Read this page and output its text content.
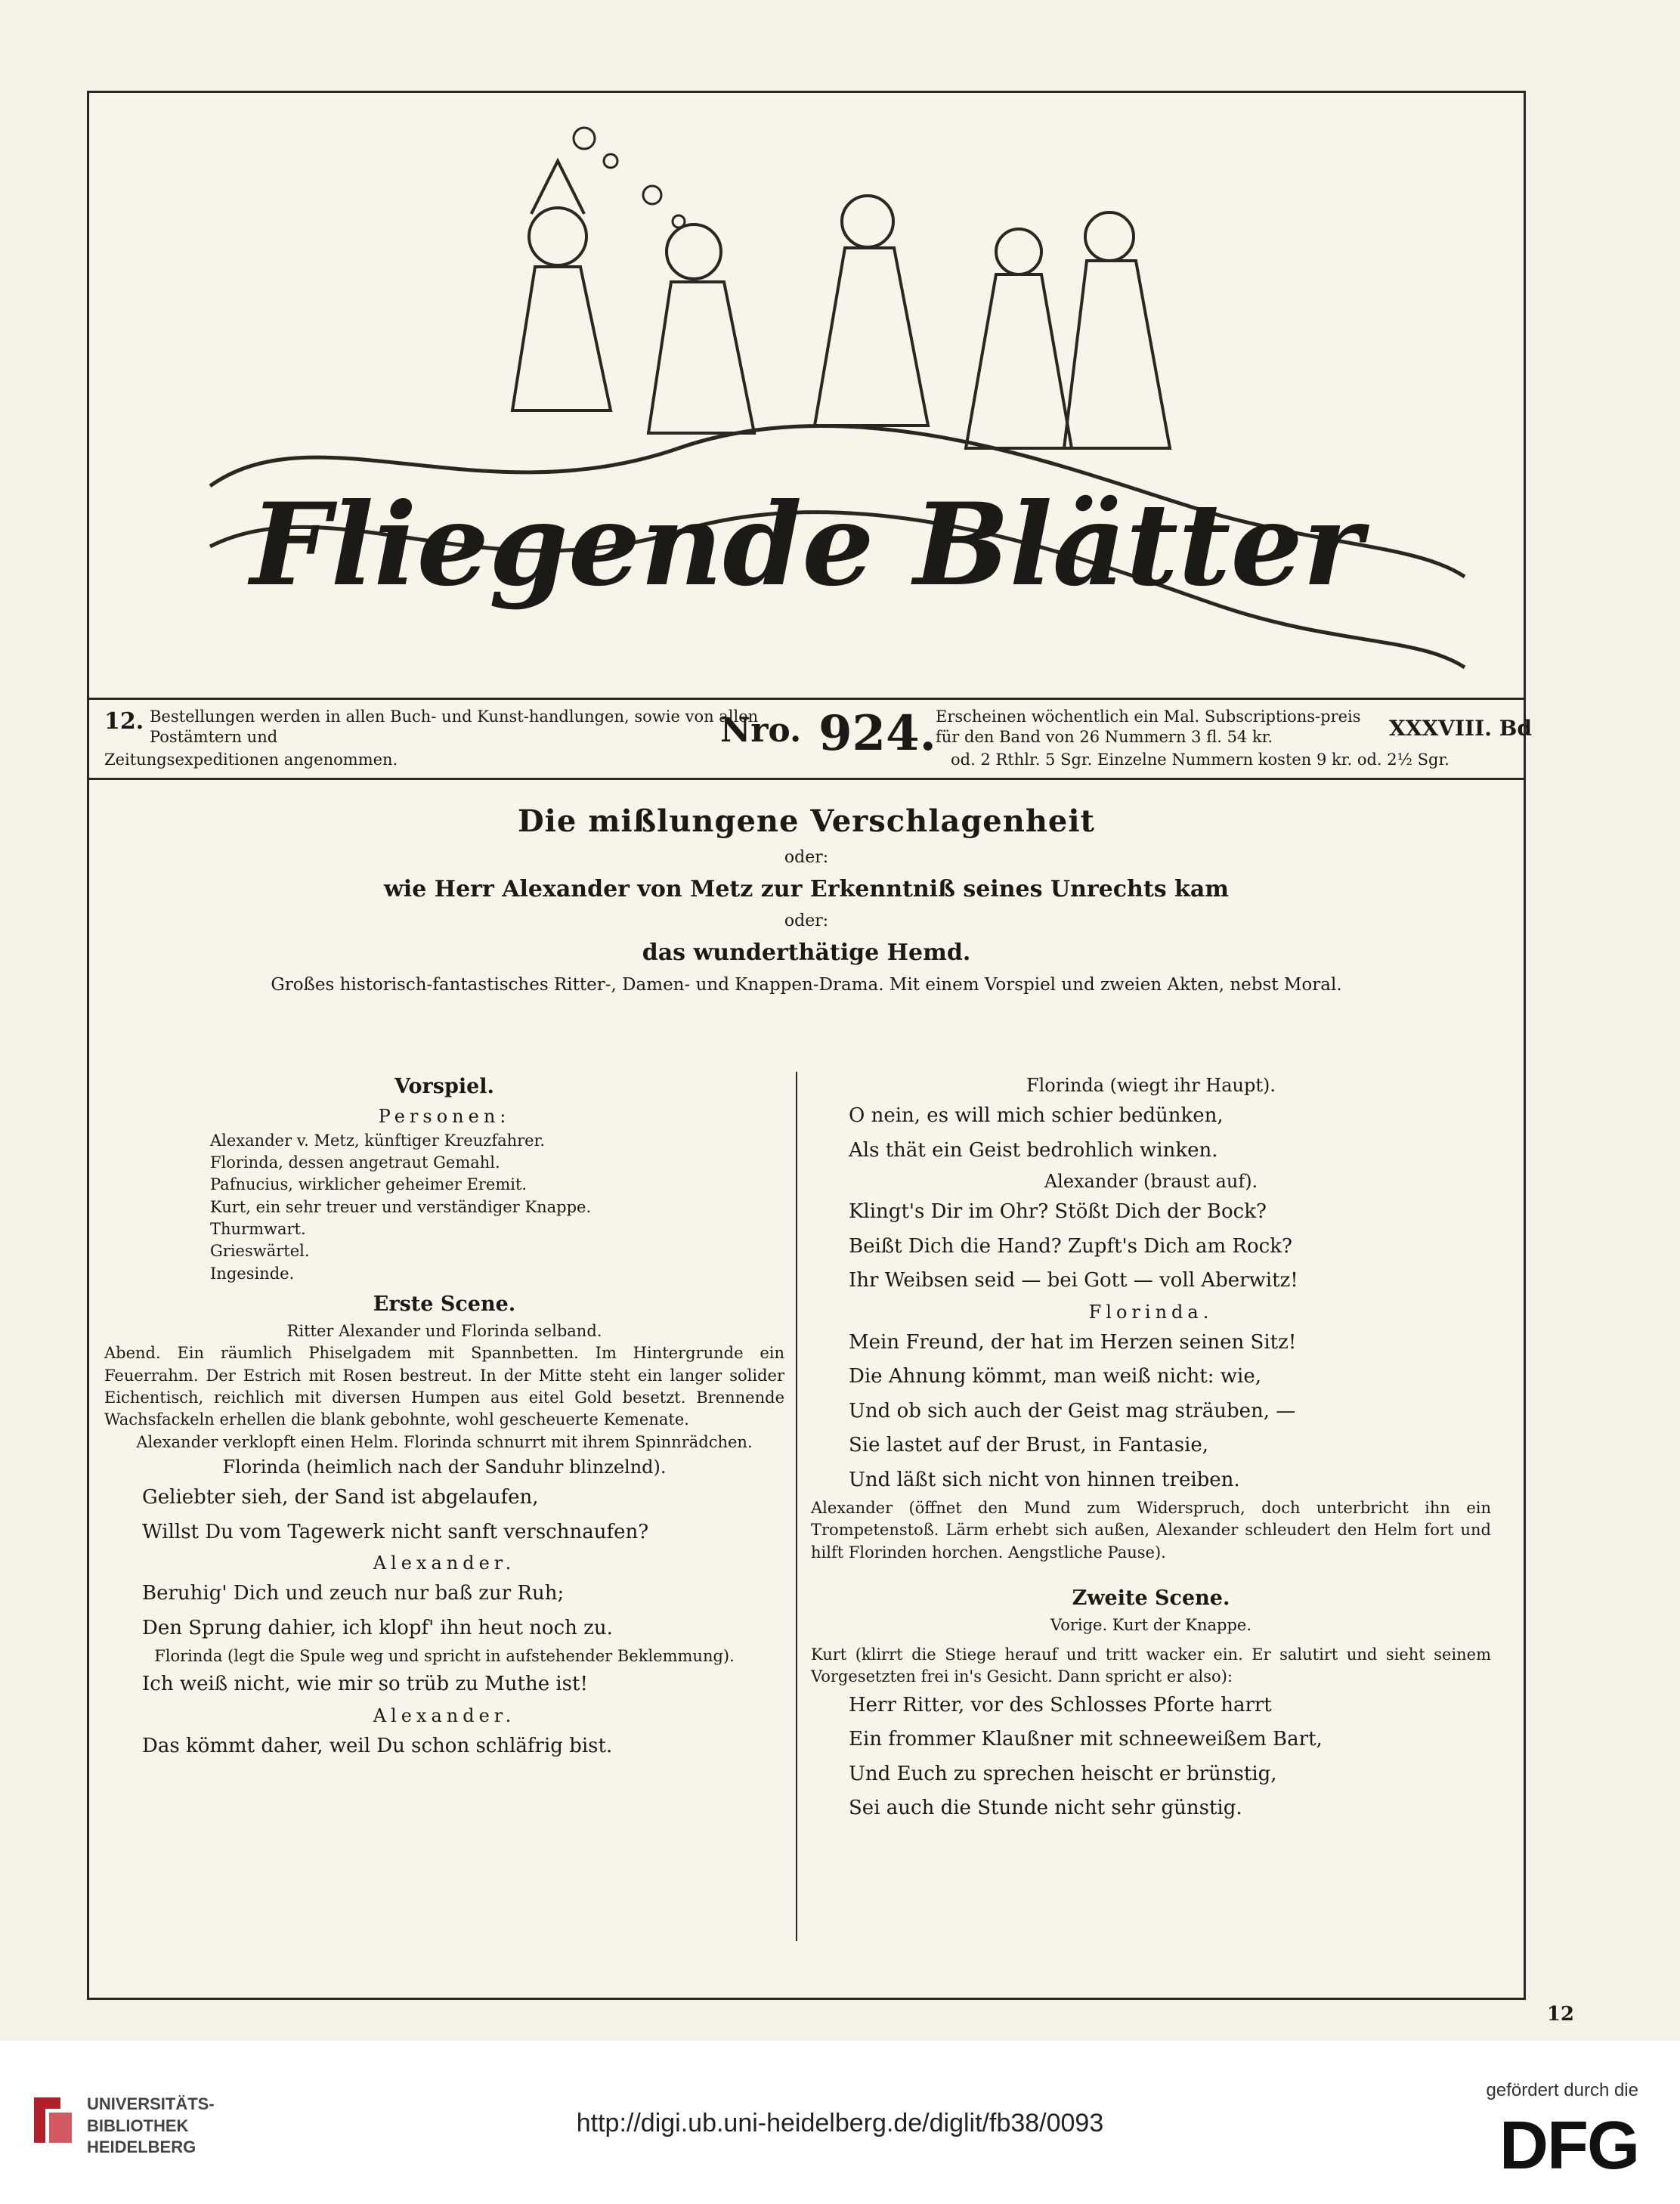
Fliegende Blätter
12. Bestellungen werden in allen Buch- und Kunst-handlungen, sowie von allen Postämtern und
Zeitungsexpeditionen angenommen.
Nro. 924. Erscheinen wöchentlich ein Mal. Subscriptions-preis für den Band von 26 Nummern 3 fl. 54 kr.
od. 2 Rthlr. 5 Sgr. Einzelne Nummern kosten 9 kr. od. 2½ Sgr.
XXXVIII. Bd
Die mißlungene Verschlagenheit
oder:
wie Herr Alexander von Metz zur Erkenntniß seines Unrechts kam
oder:
das wunderthätige Hemd.
Großes historisch-fantastisches Ritter-, Damen- und Knappen-Drama. Mit einem Vorspiel und zweien Akten, nebst Moral.
Vorspiel.
Personen:
Alexander v. Metz, künftiger Kreuzfahrer.
Florinda, dessen angetraut Gemahl.
Pafnucius, wirklicher geheimer Eremit.
Kurt, ein sehr treuer und verständiger Knappe.
Thurmwart.
Grieswärtel.
Ingesinde.
Erste Scene.
Ritter Alexander und Florinda selband.
Abend. Ein räumlich Phiselgadem mit Spannbetten. Im Hintergrunde ein Feuerrahm. Der Estrich mit Rosen bestreut. In der Mitte steht ein langer solider Eichentisch, reichlich mit diversen Humpen aus eitel Gold besetzt. Brennende Wachsfackeln erhellen die blank gebohnte, wohl gescheuerte Kemenate.
Alexander verklopft einen Helm. Florinda schnurrt mit ihrem Spinnrädchen.
Florinda (heimlich nach der Sanduhr blinzelnd).
Geliebter sieh, der Sand ist abgelaufen,
Willst Du vom Tagewerk nicht sanft verschnaufen?
Alexander.
Beruhig' Dich und zeuch nur baß zur Ruh;
Den Sprung dahier, ich klopf' ihn heut noch zu.
Florinda (legt die Spule weg und spricht in aufstehender Beklemmung).
Ich weiß nicht, wie mir so trüb zu Muthe ist!
Alexander.
Das kömmt daher, weil Du schon schläfrig bist.
Florinda (wiegt ihr Haupt).
O nein, es will mich schier bedünken,
Als thät ein Geist bedrohlich winken.
Alexander (braust auf).
Klingt's Dir im Ohr? Stößt Dich der Bock?
Beißt Dich die Hand? Zupft's Dich am Rock?
Ihr Weibsen seid — bei Gott — voll Aberwitz!
Florinda.
Mein Freund, der hat im Herzen seinen Sitz!
Die Ahnung kömmt, man weiß nicht: wie,
Und ob sich auch der Geist mag sträuben, —
Sie lastet auf der Brust, in Fantasie,
Und läßt sich nicht von hinnen treiben.
Alexander (öffnet den Mund zum Widerspruch, doch unterbricht ihn ein Trompetenstoß. Lärm erhebt sich außen, Alexander schleudert den Helm fort und hilft Florinden horchen. Aengstliche Pause).
Zweite Scene.
Vorige. Kurt der Knappe.
Kurt (klirrt die Stiege herauf und tritt wacker ein. Er salutirt und sieht seinem Vorgesetzten frei in's Gesicht. Dann spricht er also):
Herr Ritter, vor des Schlosses Pforte harrt
Ein frommer Klaußner mit schneeweißem Bart,
Und Euch zu sprechen heischt er brünstig,
Sei auch die Stunde nicht sehr günstig.
12
UNIVERSITÄTS-
BIBLIOTHEK
HEIDELBERG
http://digi.ub.uni-heidelberg.de/diglit/fb38/0093
gefördert durch die
DFG
